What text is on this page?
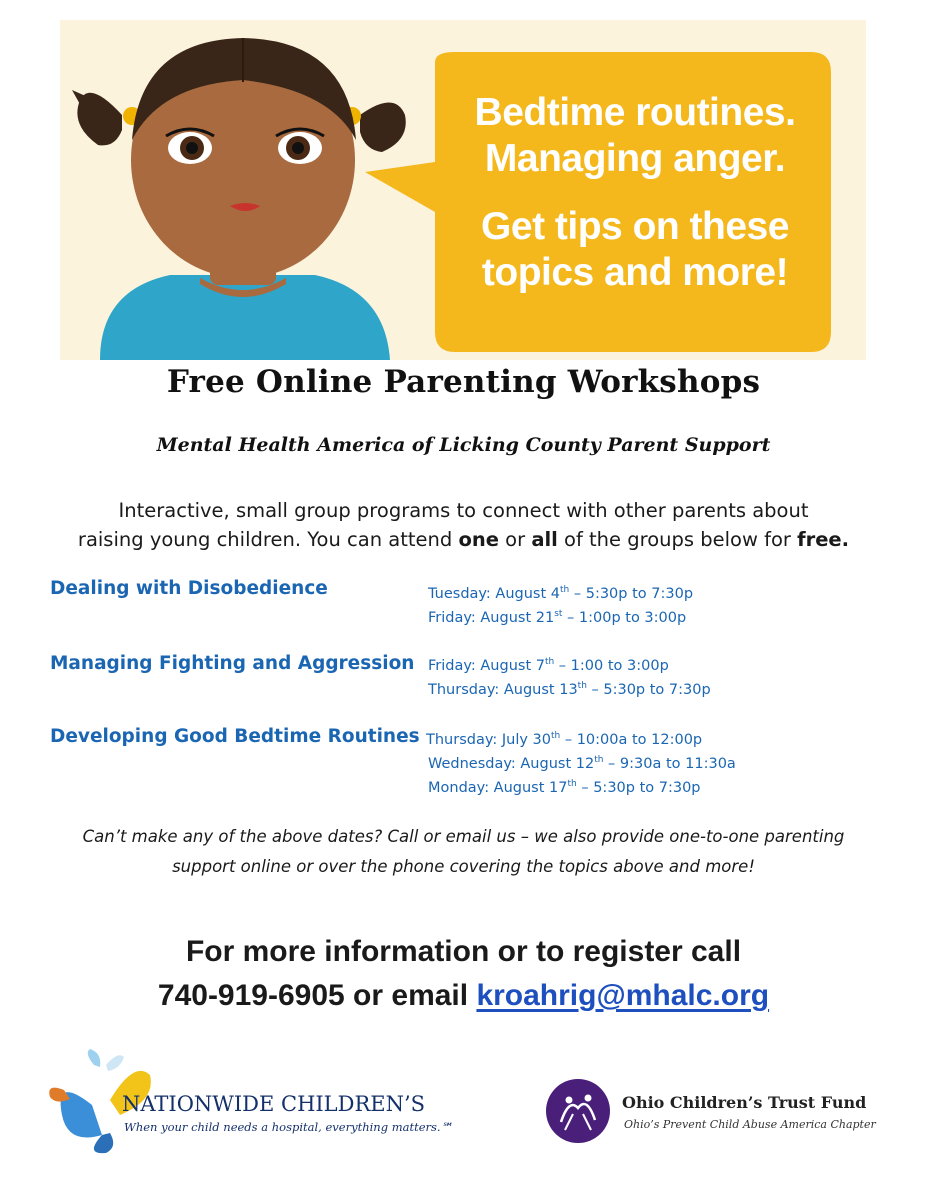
Bedtime routines.
Managing anger.
Get tips on these
topics and more!
Free Online Parenting Workshops
Mental Health America of Licking County Parent Support
Interactive, small group programs to connect with other parents about
raising young children. You can attend one or all of the groups below for free.
Dealing with Disobedience	Tuesday: August 4th – 5:30p to 7:30p
Friday: August 21st – 1:00p to 3:00p
Managing Fighting and Aggression Friday: August 7th – 1:00 to 3:00p
Thursday: August 13th – 5:30p to 7:30p
Developing Good Bedtime Routines Thursday: July 30th – 10:00a to 12:00p
Wednesday: August 12th – 9:30a to 11:30a
Monday: August 17th – 5:30p to 7:30p
Can’t make any of the above dates? Call or email us – we also provide one-to-one parenting
support online or over the phone covering the topics above and more!
For more information or to register call
740-919-6905 or email kroahrig@mhalc.org
NATIONWIDE CHILDREN’S
When your child needs a hospital, everything matters.℠
Ohio Children’s Trust Fund
Ohio’s Prevent Child Abuse America Chapter
